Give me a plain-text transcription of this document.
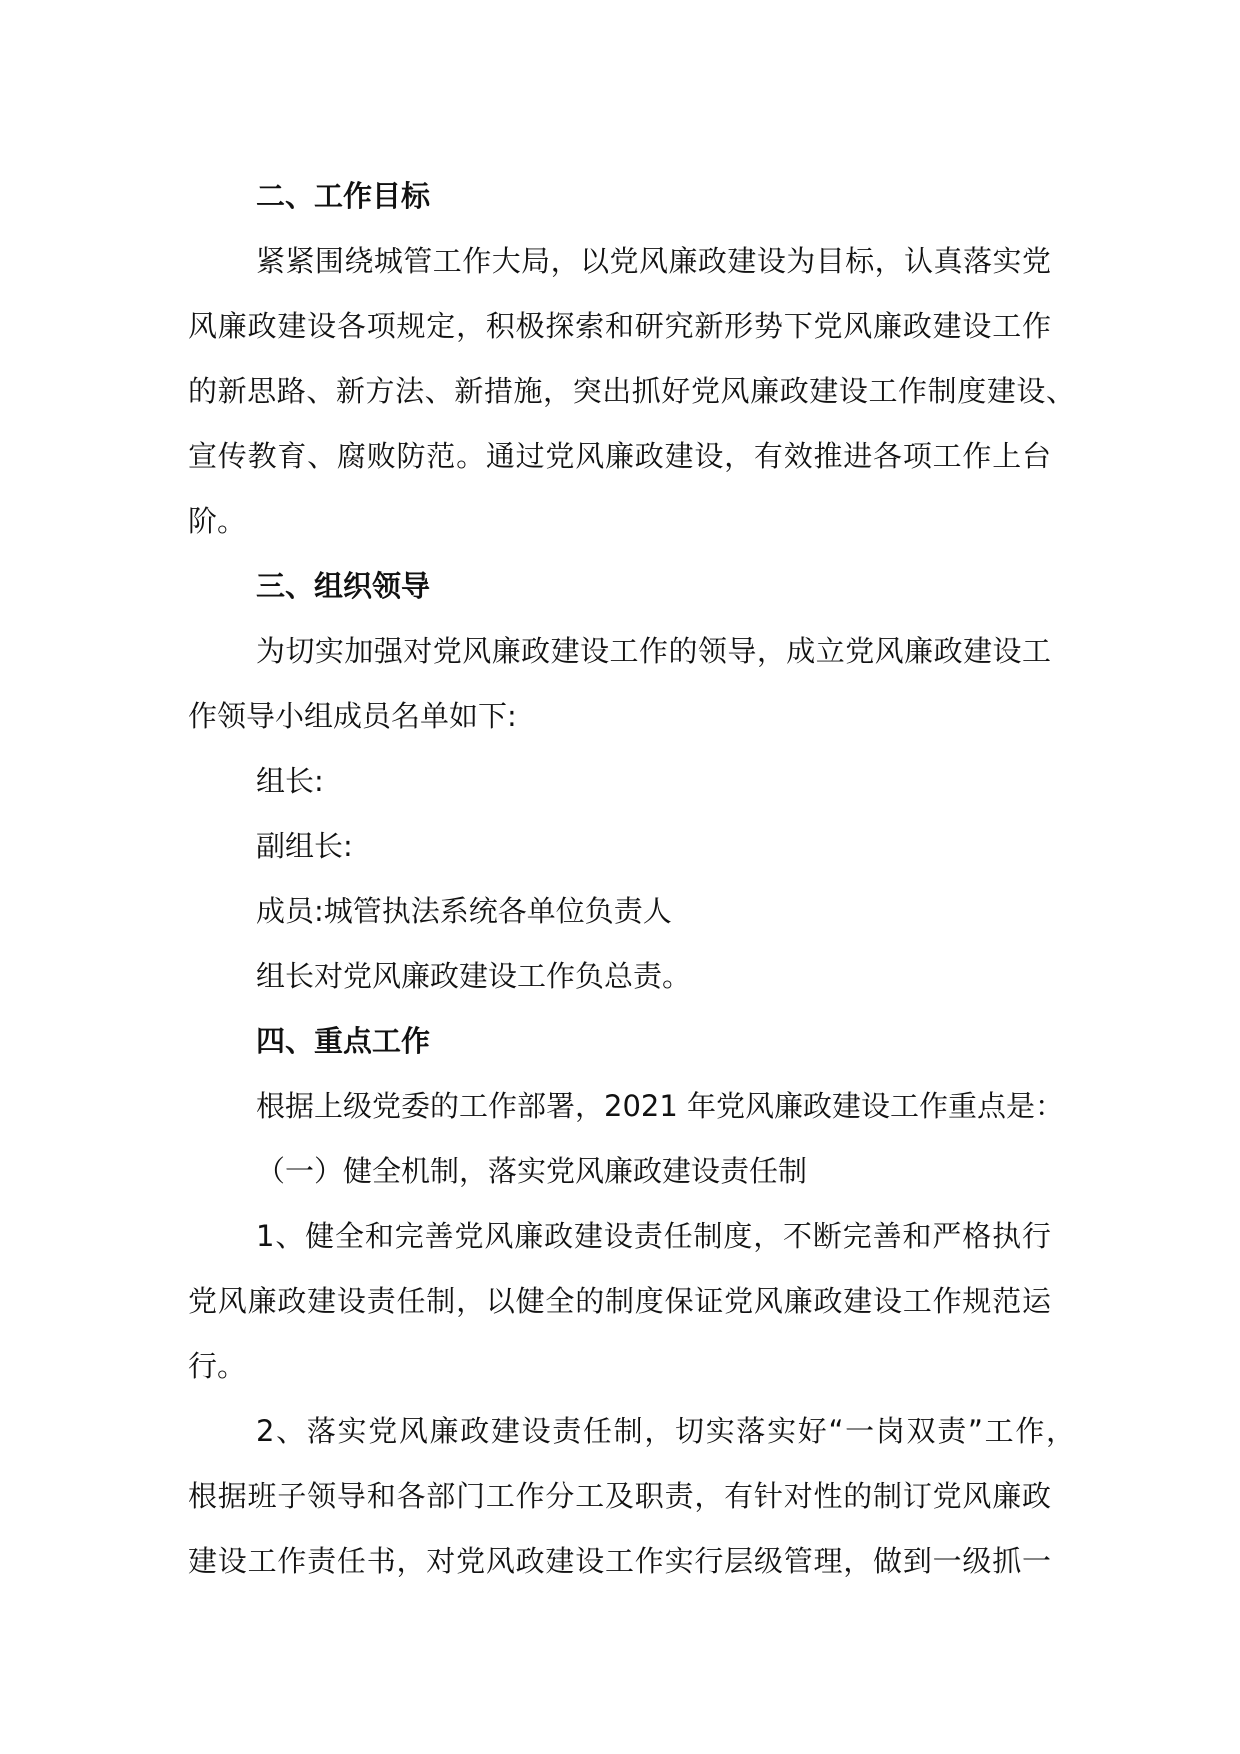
二、工作目标

紧紧围绕城管工作大局，以党风廉政建设为目标，认真落实党

风廉政建设各项规定，积极探索和研究新形势下党风廉政建设工作

的新思路、新方法、新措施，突出抓好党风廉政建设工作制度建设、

宣传教育、腐败防范。通过党风廉政建设，有效推进各项工作上台

阶。

三、组织领导

为切实加强对党风廉政建设工作的领导，成立党风廉政建设工

作领导小组成员名单如下:

组长:

副组长:

成员:城管执法系统各单位负责人

组长对党风廉政建设工作负总责。

四、重点工作

根据上级党委的工作部署，2021 年党风廉政建设工作重点是：

（一）健全机制，落实党风廉政建设责任制

1、健全和完善党风廉政建设责任制度，不断完善和严格执行

党风廉政建设责任制，以健全的制度保证党风廉政建设工作规范运

行。

2、落实党风廉政建设责任制，切实落实好“一岗双责”工作，

根据班子领导和各部门工作分工及职责，有针对性的制订党风廉政

建设工作责任书，对党风政建设工作实行层级管理，做到一级抓一
